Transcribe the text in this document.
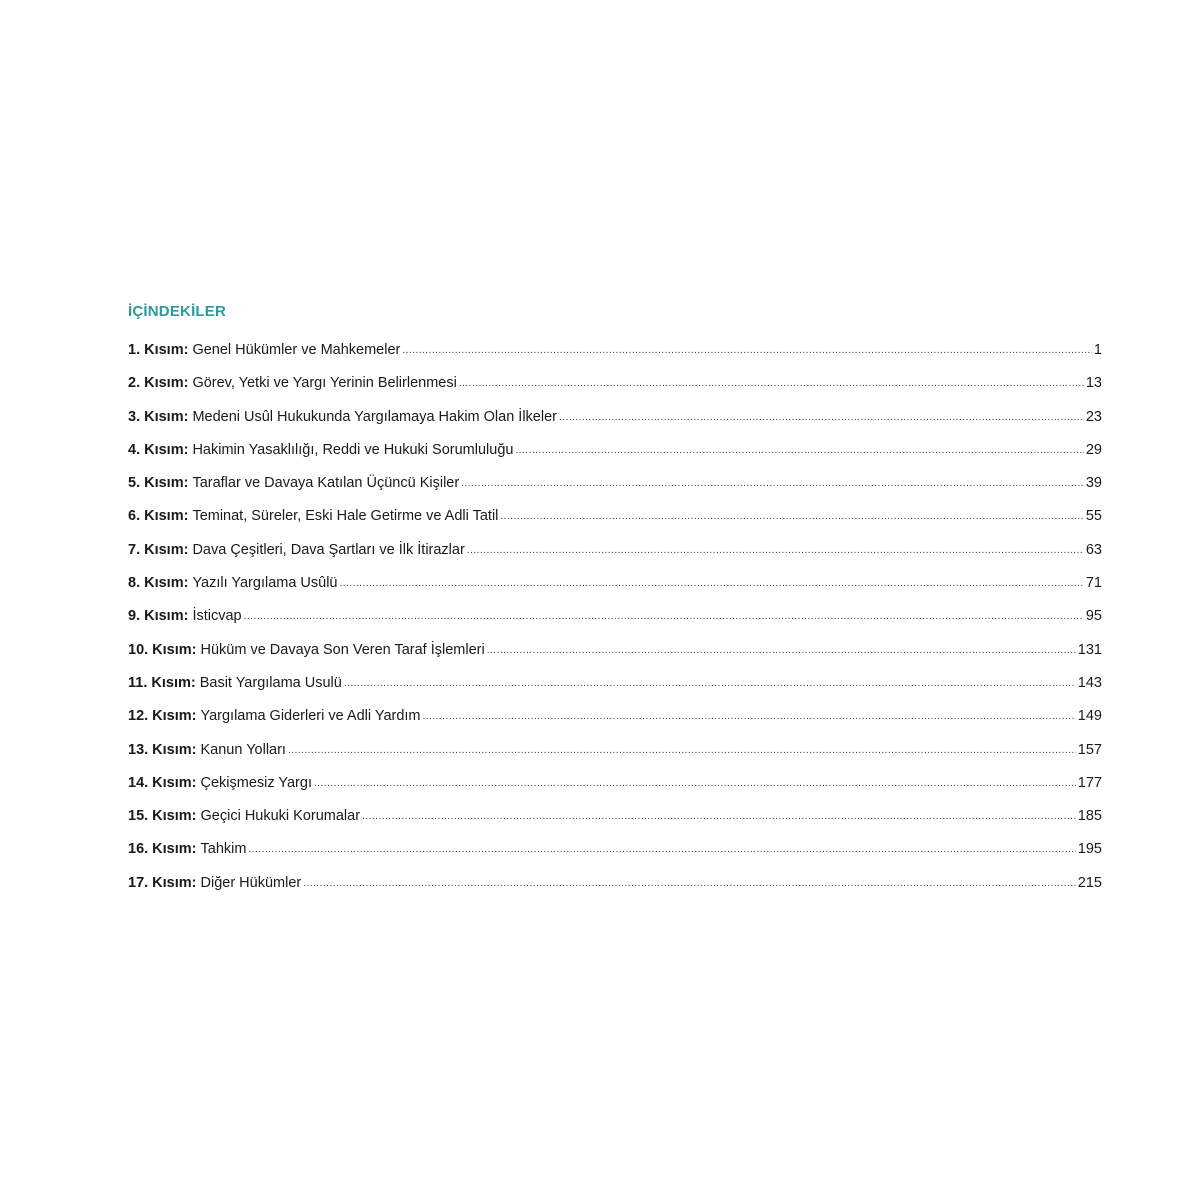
İÇİNDEKİLER
1. Kısım: Genel Hükümler ve Mahkemeler .....	1
2. Kısım: Görev, Yetki ve Yargı Yerinin Belirlenmesi .....	13
3. Kısım: Medeni Usûl Hukukunda Yargılamaya Hakim Olan İlkeler .....	23
4. Kısım: Hakimin Yasaklılığı, Reddi ve Hukuki Sorumluluğu .....	29
5. Kısım: Taraflar ve Davaya Katılan Üçüncü Kişiler .....	39
6. Kısım: Teminat, Süreler, Eski Hale Getirme ve Adli Tatil .....	55
7. Kısım: Dava Çeşitleri, Dava Şartları ve İlk İtirazlar .....	63
8. Kısım: Yazılı Yargılama Usûlü .....	71
9. Kısım: İsticvap .....	95
10. Kısım: Hüküm ve Davaya Son Veren Taraf İşlemleri .....	131
11. Kısım: Basit Yargılama Usulü .....	143
12. Kısım: Yargılama Giderleri ve Adli Yardım .....	149
13. Kısım: Kanun Yolları .....	157
14. Kısım: Çekişmesiz Yargı .....	177
15. Kısım: Geçici Hukuki Korumalar .....	185
16. Kısım: Tahkim .....	195
17. Kısım: Diğer Hükümler .....	215
